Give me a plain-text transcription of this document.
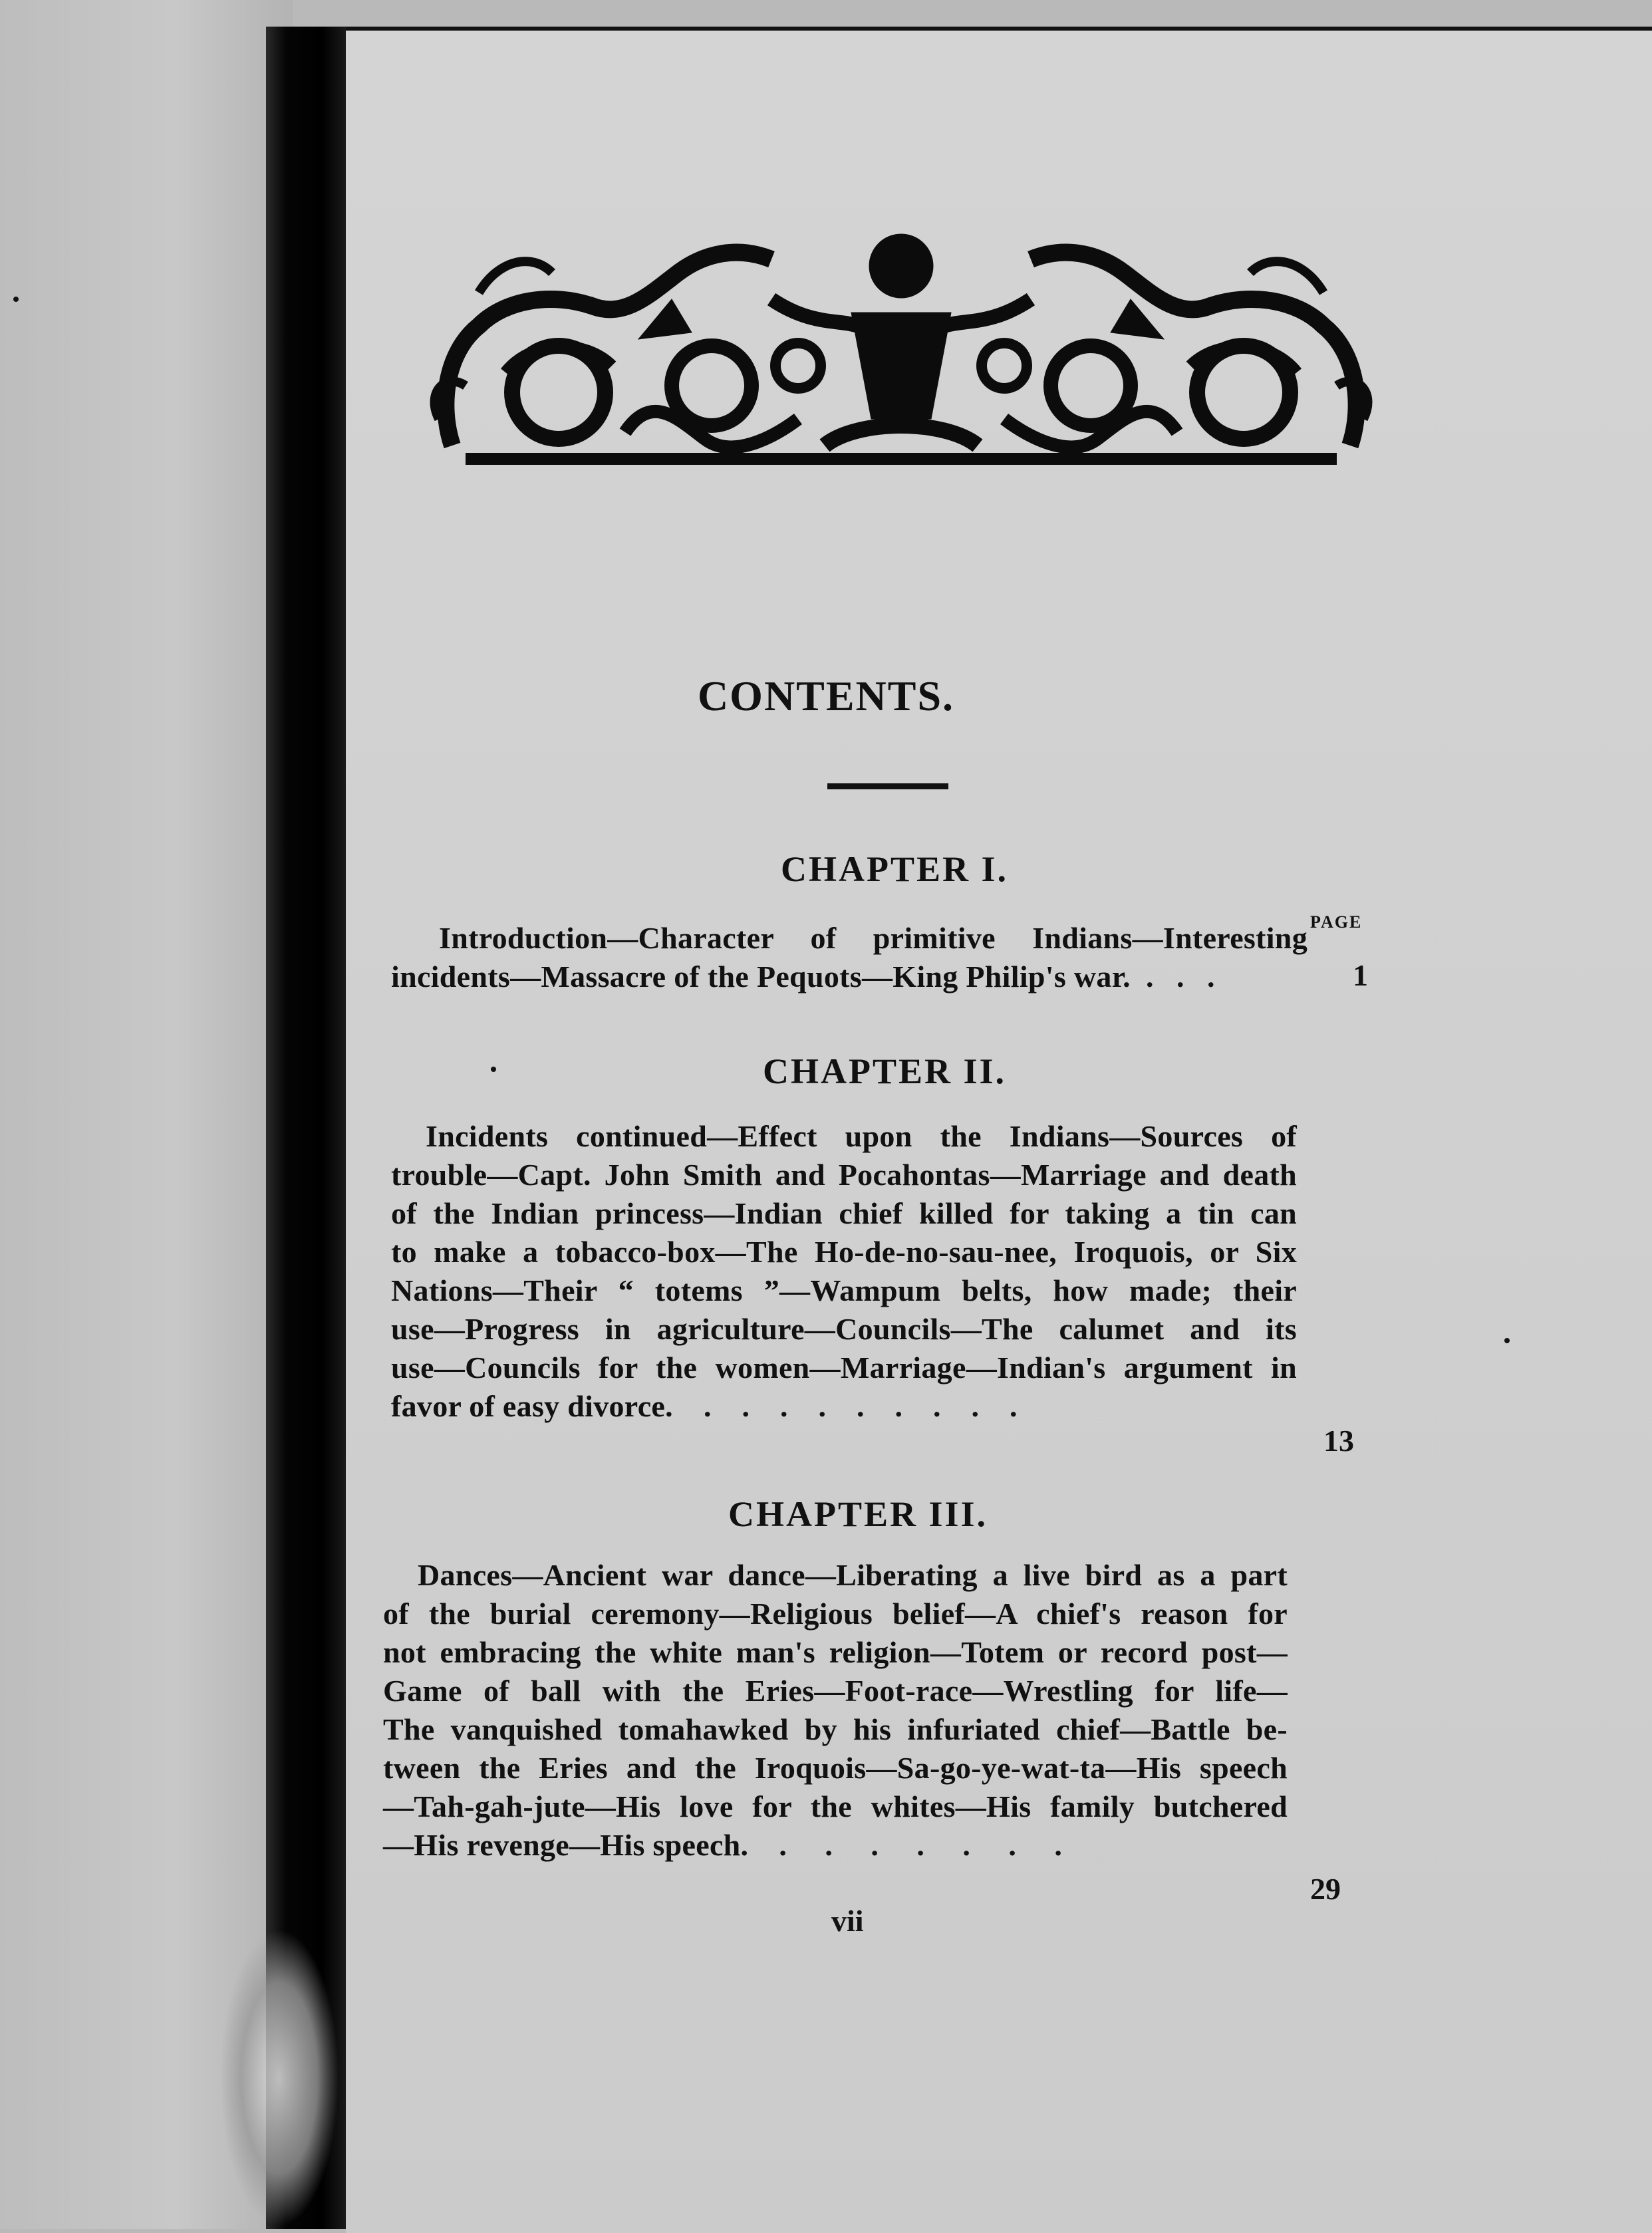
CONTENTS.
CHAPTER I.
PAGE
Introduction—Character of primitive Indians—Interesting
incidents—Massacre of the Pequots—King Philip's war.  .   .   .	1
CHAPTER II.
Incidents continued—Effect upon the Indians—Sources of
trouble—Capt. John Smith and Pocahontas—Marriage and death
of the Indian princess—Indian chief killed for taking a tin can
to make a tobacco-box—The Ho-de-no-sau-nee, Iroquois, or Six
Nations—Their “ totems ”—Wampum belts, how made; their
use—Progress in agriculture—Councils—The calumet and its
use—Councils for the women—Marriage—Indian's argument in
favor of easy divorce.    .    .    .    .    .    .    .    .    .
13
CHAPTER III.
Dances—Ancient war dance—Liberating a live bird as a part
of the burial ceremony—Religious belief—A chief's reason for
not embracing the white man's religion—Totem or record post—
Game of ball with the Eries—Foot-race—Wrestling for life—
The vanquished tomahawked by his infuriated chief—Battle be-
tween the Eries and the Iroquois—Sa-go-ye-wat-ta—His speech
—Tah-gah-jute—His love for the whites—His family butchered
—His revenge—His speech.    .     .     .     .     .     .     .
29
vii
